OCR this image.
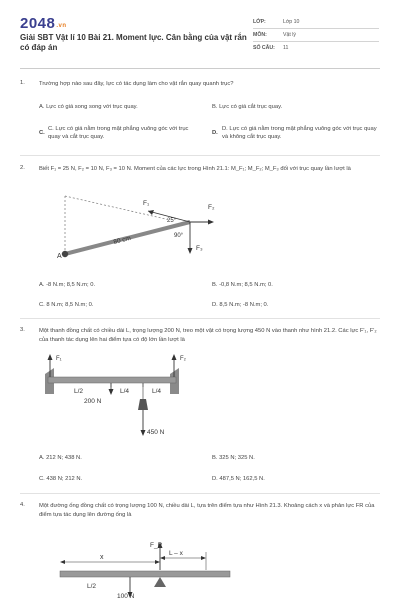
2048.vn
Giải SBT Vật lí 10 Bài 21. Moment lực. Cân bằng của vật rắn có đáp án
LỚP:	Lớp 10
MÔN:	Vật lý
SỐ CÂU: 11
1. Trường hợp nào sau đây, lực có tác dụng làm cho vật rắn quay quanh trục?
A. Lực có giá song song với trục quay.	B. Lực có giá cắt trục quay.
C.
C. Lực có giá nằm trong mặt phẳng vuông góc với trục quay và cắt trục quay.
D.
D. Lực có giá nằm trong mặt phẳng vuông góc với trục quay và không cắt trục quay.
2. Biết F₁ = 25 N, F₂ = 10 N, F₃ = 10 N. Moment của các lực trong Hình 21.1: M_F₁; M_F₂; M_F₃ đối với trục quay lần lượt là
A
F₁
F₂
F₃
25°
90°
80 cm
A. -8 N.m; 8,5 N.m; 0.	B. -0,8 N.m; 8,5 N.m; 0.
C. 8 N.m; 8,5 N.m; 0.	D. 8,5 N.m; -8 N.m; 0.
3. Một thanh đồng chất có chiều dài L, trọng lượng 200 N, treo một vật có trọng lượng 450 N vào thanh như hình 21.2. Các lực F'₁, F'₂ của thanh tác dụng lên hai điểm tựa có độ lớn lần lượt là
F₁	F₂
L/2	L/4	L/4
200 N
450 N
A. 212 N; 438 N.	B. 325 N; 325 N.
C. 438 N; 212 N.	D. 487,5 N; 162,5 N.
4. Một đường ống đồng chất có trọng lượng 100 N, chiều dài L, tựa trên điểm tựa như Hình 21.3. Khoảng cách x và phản lực FR của điểm tựa tác dụng lên đường ống là
F_R
x
L – x
L/2
100 N
